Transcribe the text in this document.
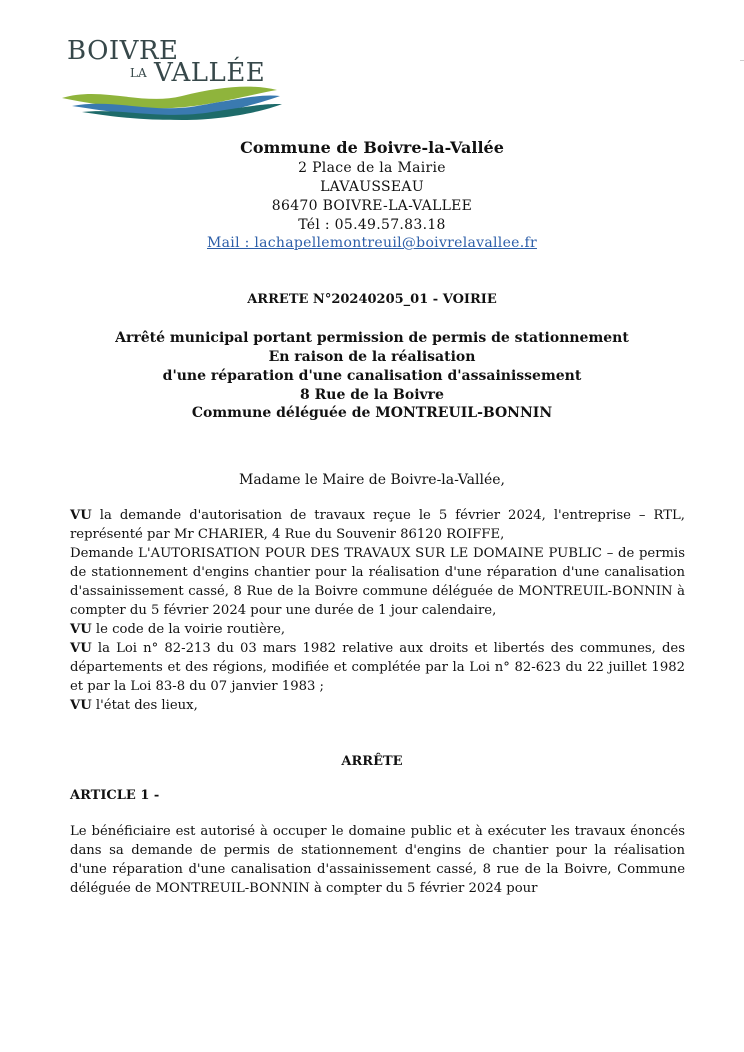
BOIVRE
LA VALLÉE
Commune de Boivre-la-Vallée
2 Place de la Mairie
LAVAUSSEAU
86470 BOIVRE-LA-VALLEE
Tél : 05.49.57.83.18
Mail : lachapellemontreuil@boivrelavallee.fr
ARRETE N°20240205_01 - VOIRIE
Arrêté municipal portant permission de permis de stationnement
En raison de la réalisation
d'une réparation d'une canalisation d'assainissement
8 Rue de la Boivre
Commune déléguée de MONTREUIL-BONNIN
Madame le Maire de Boivre-la-Vallée,

VU la demande d'autorisation de travaux reçue le 5 février 2024, l'entreprise – RTL, représenté par Mr CHARIER, 4 Rue du Souvenir 86120 ROIFFE,

Demande L'AUTORISATION POUR DES TRAVAUX SUR LE DOMAINE PUBLIC – de permis de stationnement d'engins chantier pour la réalisation d'une réparation d'une canalisation d'assainissement cassé, 8 Rue de la Boivre commune déléguée de MONTREUIL-BONNIN à compter du 5 février 2024 pour une durée de 1 jour calendaire,

VU le code de la voirie routière,

VU la Loi n° 82-213 du 03 mars 1982 relative aux droits et libertés des communes, des départements et des régions, modifiée et complétée par la Loi n° 82-623 du 22 juillet 1982 et par la Loi 83-8 du 07 janvier 1983 ;

VU l'état des lieux,

ARRÊTE
ARTICLE 1 -
Le bénéficiaire est autorisé à occuper le domaine public et à exécuter les travaux énoncés dans sa demande de permis de stationnement d'engins de chantier pour la réalisation d'une réparation d'une canalisation d'assainissement cassé, 8 rue de la Boivre, Commune déléguée de MONTREUIL-BONNIN à compter du 5 février 2024 pour
